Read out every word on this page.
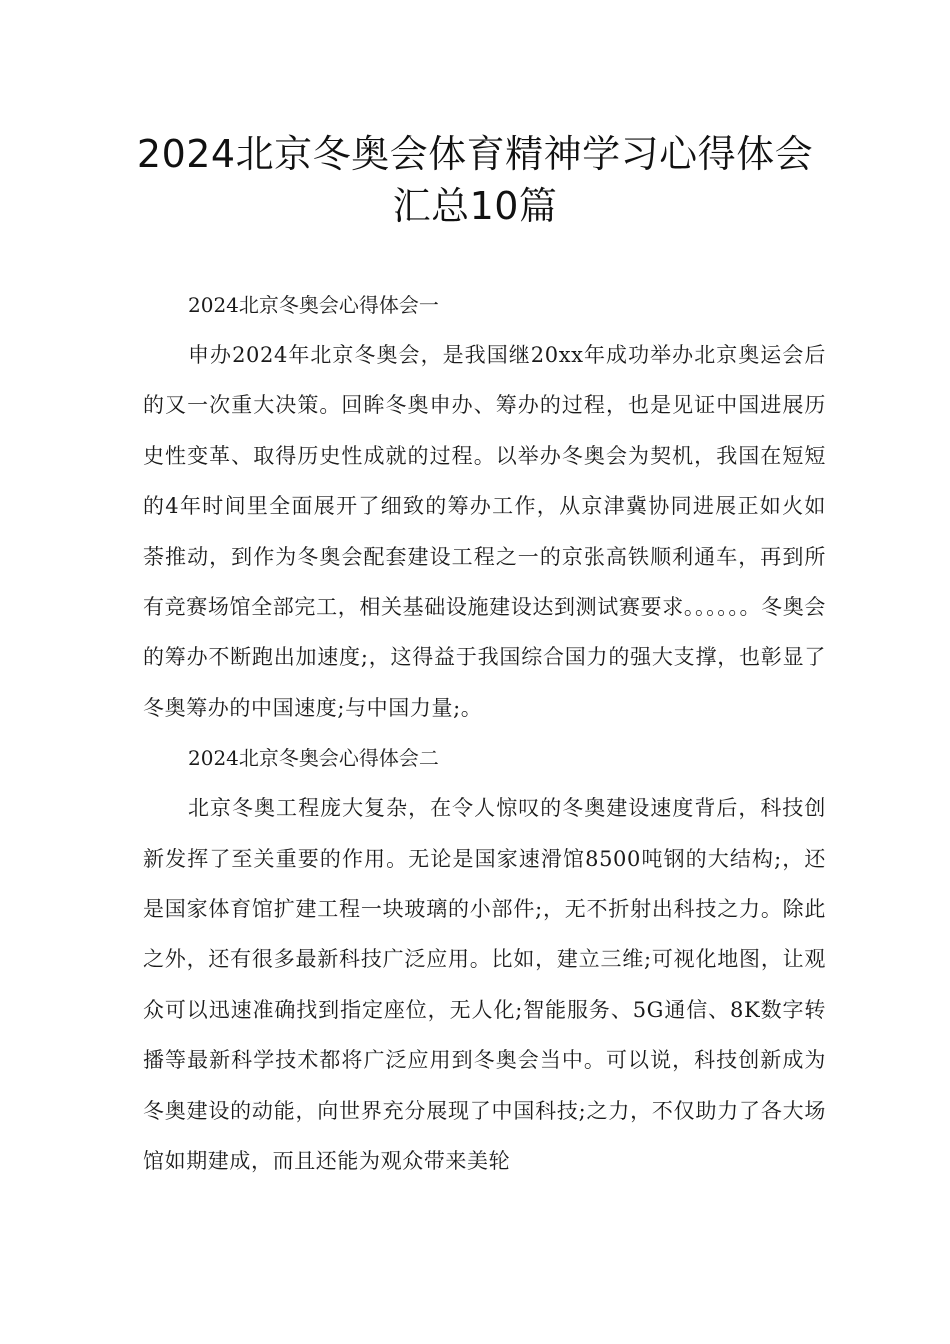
2024北京冬奥会体育精神学习心得体会
汇总10篇

2024北京冬奥会心得体会一

申办2024年北京冬奥会，是我国继20xx年成功举办北京奥运会后的又一次重大决策。回眸冬奥申办、筹办的过程，也是见证中国进展历史性变革、取得历史性成就的过程。以举办冬奥会为契机，我国在短短的4年时间里全面展开了细致的筹办工作，从京津冀协同进展正如火如荼推动，到作为冬奥会配套建设工程之一的京张高铁顺利通车，再到所有竞赛场馆全部完工，相关基础设施建设达到测试赛要求。。。。。。冬奥会的筹办不断跑出加速度;，这得益于我国综合国力的强大支撑，也彰显了冬奥筹办的中国速度;与中国力量;。

2024北京冬奥会心得体会二

北京冬奥工程庞大复杂，在令人惊叹的冬奥建设速度背后，科技创新发挥了至关重要的作用。无论是国家速滑馆8500吨钢的大结构;，还是国家体育馆扩建工程一块玻璃的小部件;，无不折射出科技之力。除此之外，还有很多最新科技广泛应用。比如，建立三维;可视化地图，让观众可以迅速准确找到指定座位，无人化;智能服务、5G通信、8K数字转播等最新科学技术都将广泛应用到冬奥会当中。可以说，科技创新成为冬奥建设的动能，向世界充分展现了中国科技;之力，不仅助力了各大场馆如期建成，而且还能为观众带来美轮
